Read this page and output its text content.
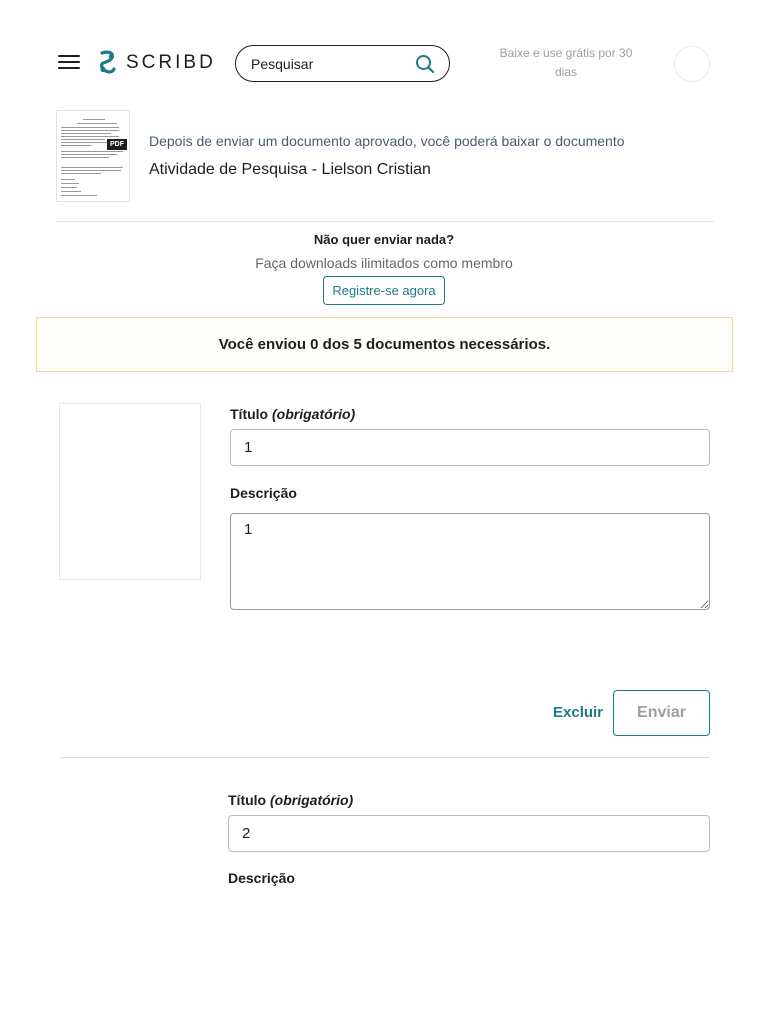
SCRIBD
Pesquisar	Baixe e use grátis por 30 dias
PDF Depois de enviar um documento aprovado, você poderá baixar o documento
Atividade de Pesquisa - Lielson Cristian
Não quer enviar nada?
Faça downloads ilimitados como membro
Registre-se agora
Você enviou 0 dos 5 documentos necessários.
Título (obrigatório)
1
Descrição
1
Excluir	Enviar
Título (obrigatório)
2
Descrição
